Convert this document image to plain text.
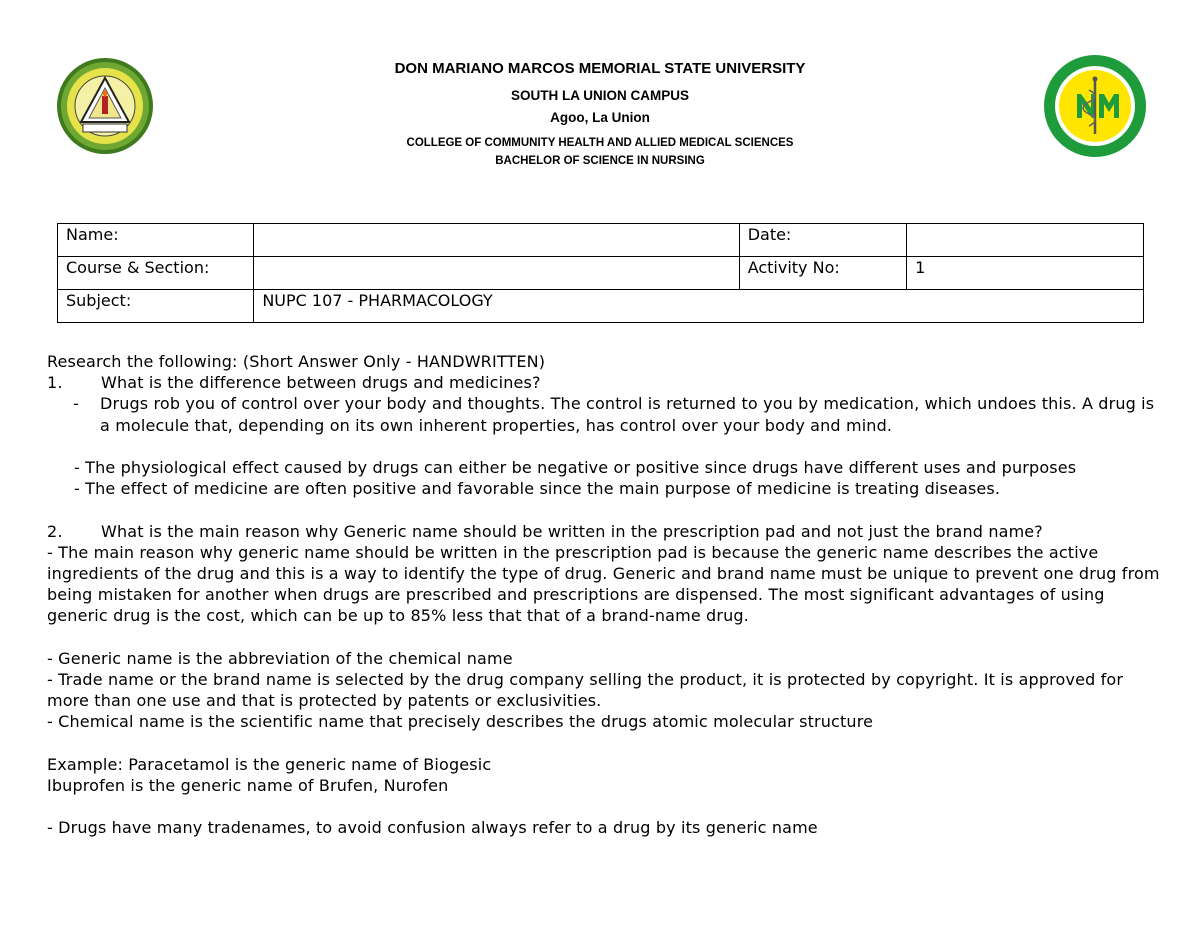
DON MARIANO MARCOS MEMORIAL STATE UNIVERSITY
SOUTH LA UNION CAMPUS
Agoo, La Union
COLLEGE OF COMMUNITY HEALTH AND ALLIED MEDICAL SCIENCES
BACHELOR OF SCIENCE IN NURSING
Name:		Date:	
Course & Section:		Activity No:	1
Subject:	NUPC 107 - PHARMACOLOGY		

Research the following: (Short Answer Only - HANDWRITTEN)

1.	What is the difference between drugs and medicines?
-	Drugs rob you of control over your body and thoughts. The control is returned to you by medication, which undoes this. A drug is a molecule that, depending on its own inherent properties, has control over your body and mind.

- The physiological effect caused by drugs can either be negative or positive since drugs have different uses and purposes

- The effect of medicine are often positive and favorable since the main purpose of medicine is treating diseases.

2.	What is the main reason why Generic name should be written in the prescription pad and not just the brand name?

- The main reason why generic name should be written in the prescription pad is because the generic name describes the active ingredients of the drug and this is a way to identify the type of drug. Generic and brand name must be unique to prevent one drug from being mistaken for another when drugs are prescribed and prescriptions are dispensed. The most significant advantages of using generic drug is the cost, which can be up to 85% less that that of a brand-name drug.

- Generic name is the abbreviation of the chemical name

- Trade name or the brand name is selected by the drug company selling the product, it is protected by copyright. It is approved for more than one use and that is protected by patents or exclusivities.

- Chemical name is the scientific name that precisely describes the drugs atomic molecular structure

Example: Paracetamol is the generic name of Biogesic

Ibuprofen is the generic name of Brufen, Nurofen

- Drugs have many tradenames, to avoid confusion always refer to a drug by its generic name
